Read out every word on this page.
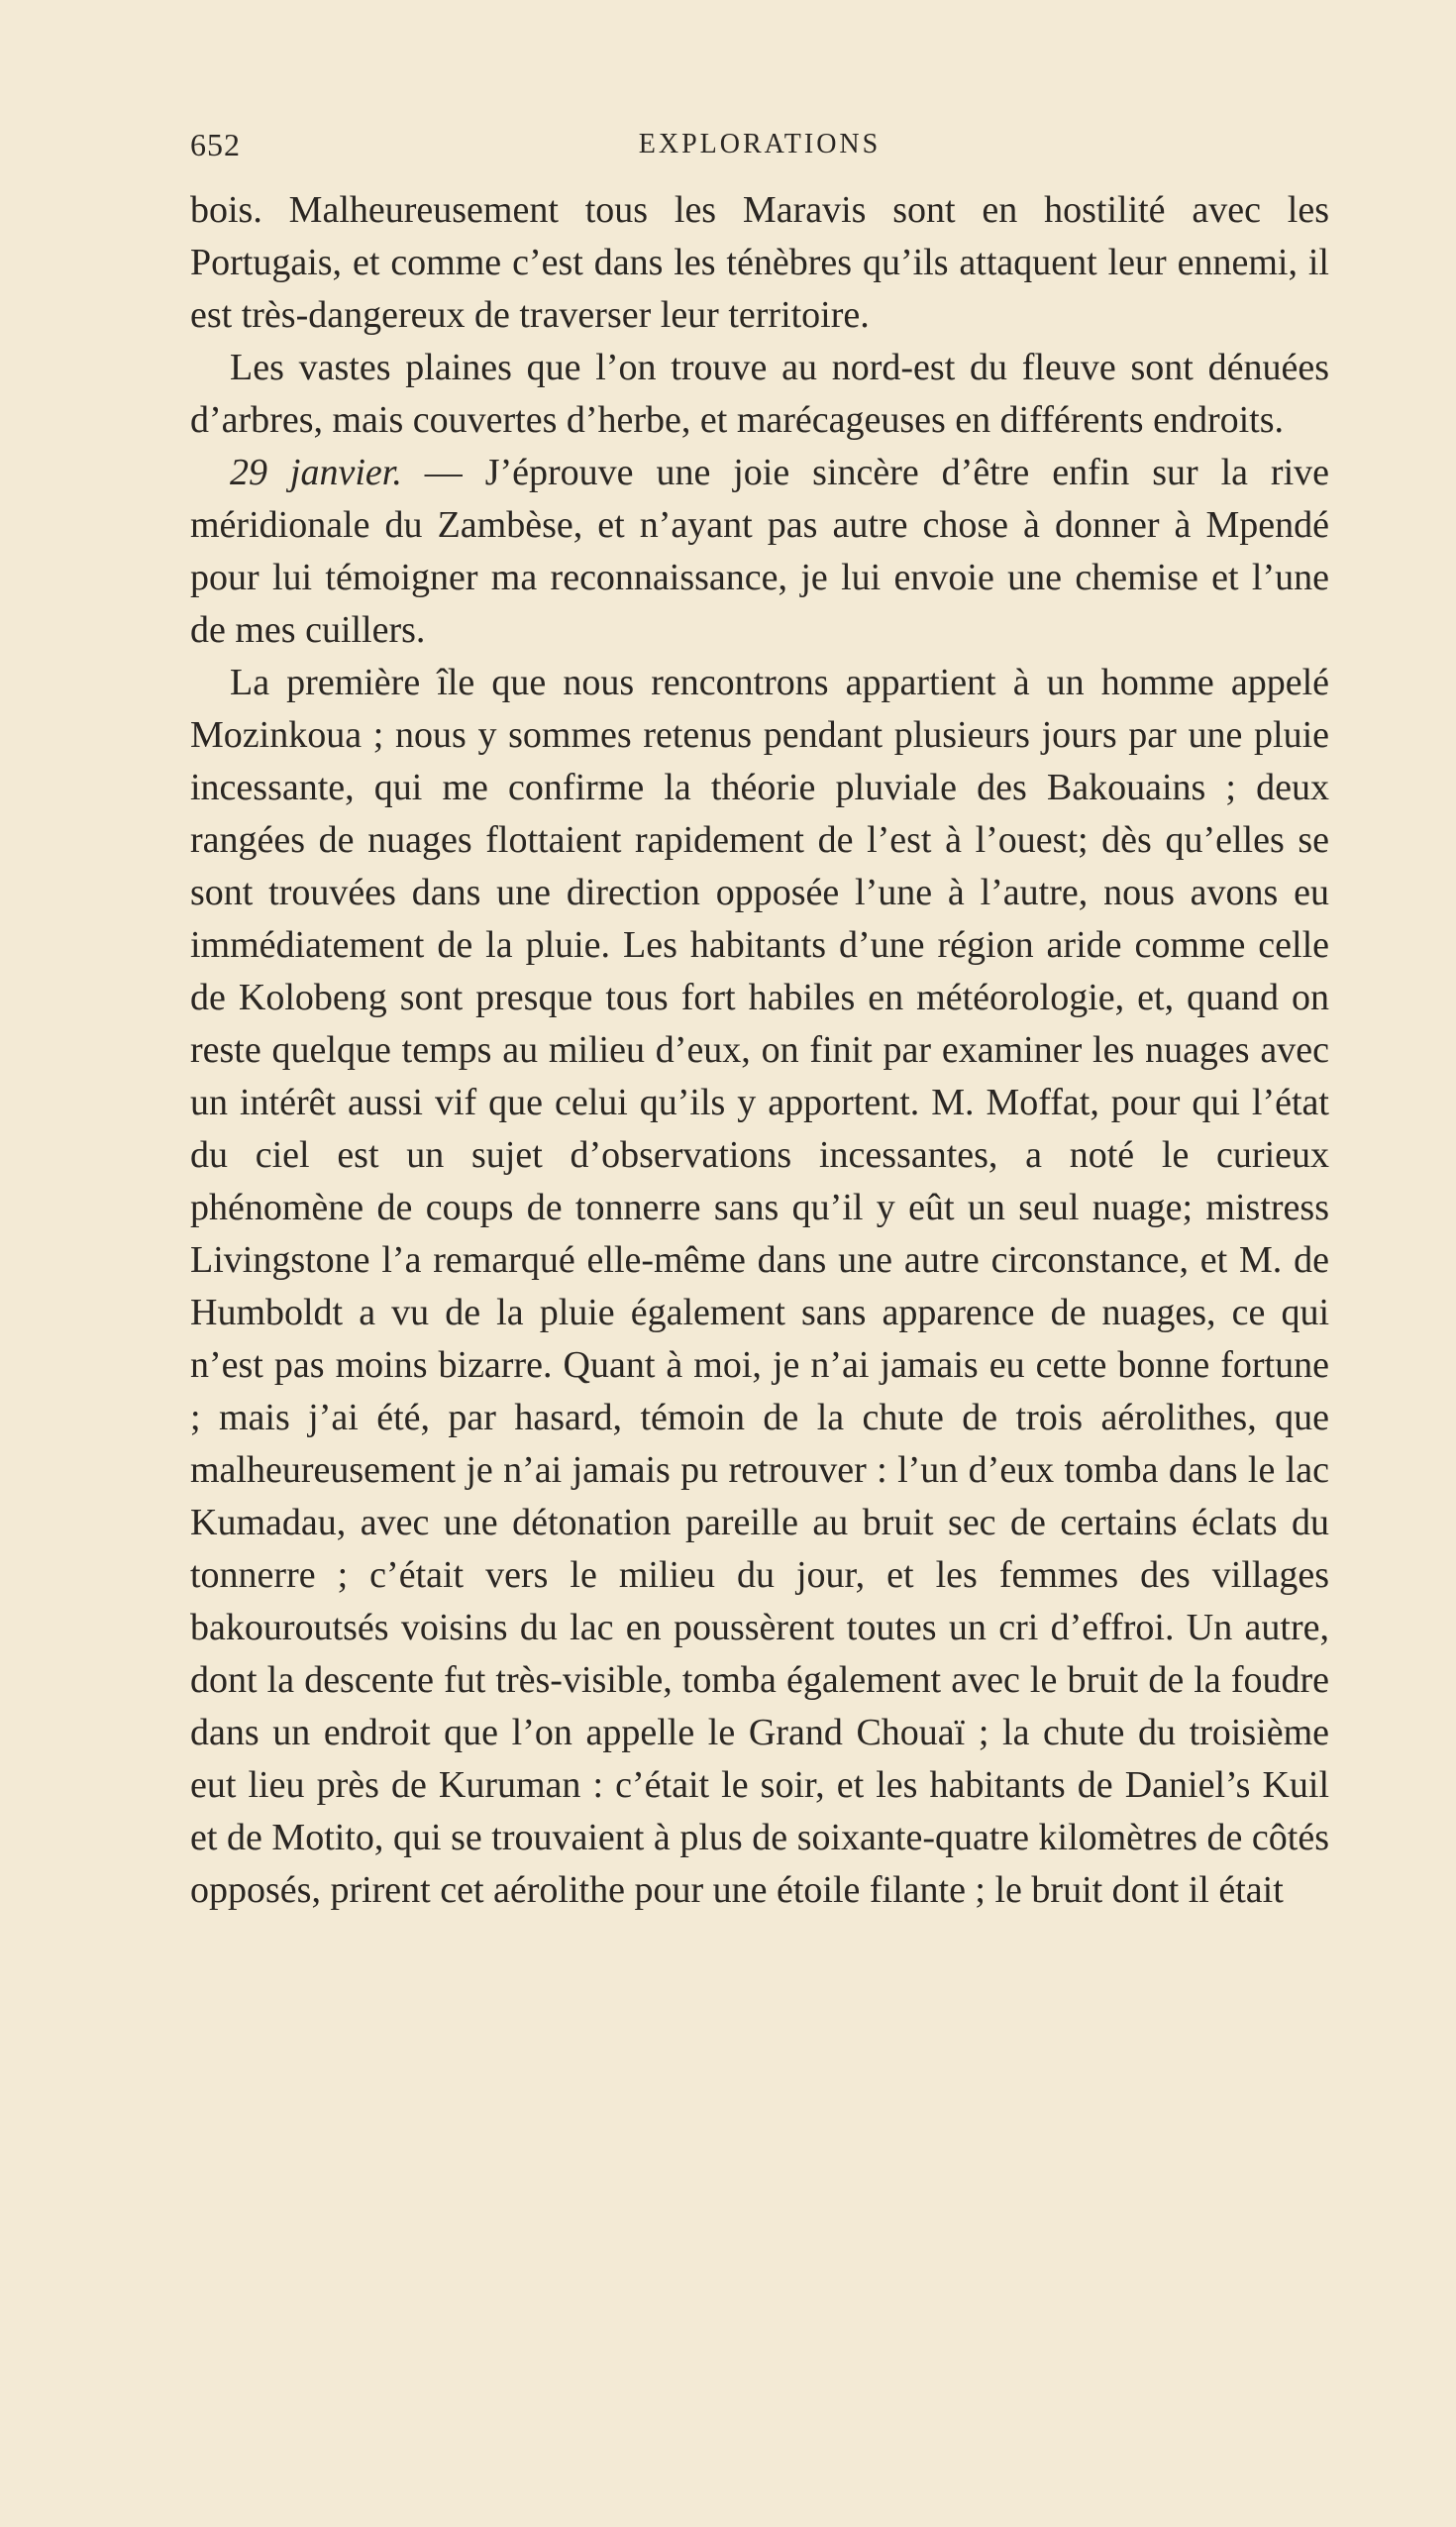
652	EXPLORATIONS

bois. Malheureusement tous les Maravis sont en hostilité avec les Portugais, et comme c’est dans les ténèbres qu’ils attaquent leur ennemi, il est très-dangereux de traverser leur territoire.

Les vastes plaines que l’on trouve au nord-est du fleuve sont dénuées d’arbres, mais couvertes d’herbe, et marécageuses en différents endroits.

29 janvier. — J’éprouve une joie sincère d’être enfin sur la rive méridionale du Zambèse, et n’ayant pas autre chose à donner à Mpendé pour lui témoigner ma reconnaissance, je lui envoie une chemise et l’une de mes cuillers.

La première île que nous rencontrons appartient à un homme appelé Mozinkoua ; nous y sommes retenus pendant plusieurs jours par une pluie incessante, qui me confirme la théorie pluviale des Bakouains ; deux rangées de nuages flottaient rapidement de l’est à l’ouest; dès qu’elles se sont trouvées dans une direction opposée l’une à l’autre, nous avons eu immédiatement de la pluie. Les habitants d’une région aride comme celle de Kolobeng sont presque tous fort habiles en météorologie, et, quand on reste quelque temps au milieu d’eux, on finit par examiner les nuages avec un intérêt aussi vif que celui qu’ils y apportent. M. Moffat, pour qui l’état du ciel est un sujet d’observations incessantes, a noté le curieux phénomène de coups de tonnerre sans qu’il y eût un seul nuage; mistress Livingstone l’a remarqué elle-même dans une autre circonstance, et M. de Humboldt a vu de la pluie également sans apparence de nuages, ce qui n’est pas moins bizarre. Quant à moi, je n’ai jamais eu cette bonne fortune ; mais j’ai été, par hasard, témoin de la chute de trois aérolithes, que malheureusement je n’ai jamais pu retrouver : l’un d’eux tomba dans le lac Kumadau, avec une détonation pareille au bruit sec de certains éclats du tonnerre ; c’était vers le milieu du jour, et les femmes des villages bakouroutsés voisins du lac en poussèrent toutes un cri d’effroi. Un autre, dont la descente fut très-visible, tomba également avec le bruit de la foudre dans un endroit que l’on appelle le Grand Chouaï ; la chute du troisième eut lieu près de Kuruman : c’était le soir, et les habitants de Daniel’s Kuil et de Motito, qui se trouvaient à plus de soixante-quatre kilomètres de côtés opposés, prirent cet aérolithe pour une étoile filante ; le bruit dont il était
